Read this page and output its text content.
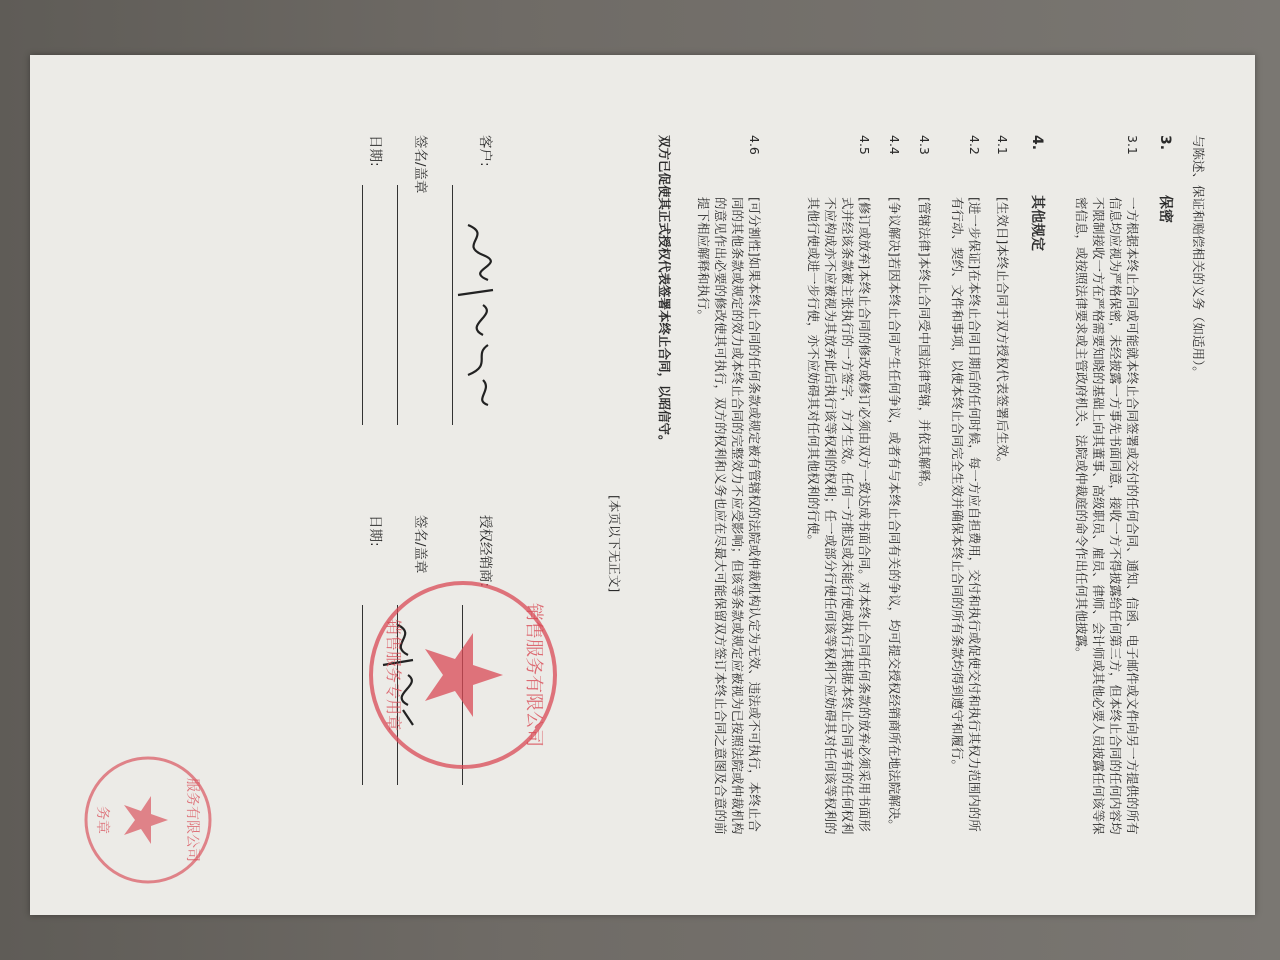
与陈述、保证和赔偿相关的义务（如适用）。
3.保密
3.1
一方根据本终止合同或可能就本终止合同签署或交付的任何合同、通知、信函、电子邮件或文件向另一方提供的所有信息均应视为严格保密，未经披露一方事先书面同意，接收一方不得披露给任何第三方，但本终止合同的任何内容均不限制接收一方在严格需要知晓的基础上向其董事、高级职员、雇员、律师、会计师或其他必要人员披露任何该等保密信息，或按照法律要求或主管政府机关、法院或仲裁庭的命令作出任何其他披露。
4.其他规定
4.1
[生效日]本终止合同于双方授权代表签署后生效。
4.2
[进一步保证]在本终止合同日期后的任何时候，每一方应自担费用，交付和执行或促使交付和执行其权力范围内的所有行动、契约、文件和事项，以使本终止合同完全生效并确保本终止合同的所有条款均得到遵守和履行。
4.3
[管辖法律]本终止合同受中国法律管辖，并依其解释。
4.4
[争议解决]若因本终止合同产生任何争议，或者有与本终止合同有关的争议，均可提交授权经销商所在地法院解决。
4.5
[修订或放弃]本终止合同的修改或修订必须由双方一致达成书面合同。对本终止合同任何条款的放弃必须采用书面形式并经该条款被主张执行的一方签字，方才生效。任何一方推迟或未能行使或执行其根据本终止合同享有的任何权利不应构成亦不应被视为其放弃此后执行该等权利的权利；任一或部分行使任何该等权利不应妨碍其对任何该等权利的其他行使或进一步行使，亦不应妨碍其对任何其他权利的行使。
4.6
[可分割性]如果本终止合同的任何条款或规定被有管辖权的法院或仲裁机构认定为无效、违法或不可执行，本终止合同的其他条款或规定的效力或本终止合同的完整效力不应受影响；但该等条款或规定应被视为已按照法院或仲裁机构的意见作出必要的修改使其可执行，双方的权利和义务也应在尽最大可能保留双方签订本终止合同之意图及合意的前提下相应解释和执行。
双方已促使其正式授权代表签署本终止合同，以昭信守。
[本页以下无正文]
客户:
签名/盖章
日期:
授权经销商:
签名/盖章
日期:
销售服务有限公司
销售服务专用章
服务有限公司
务章
